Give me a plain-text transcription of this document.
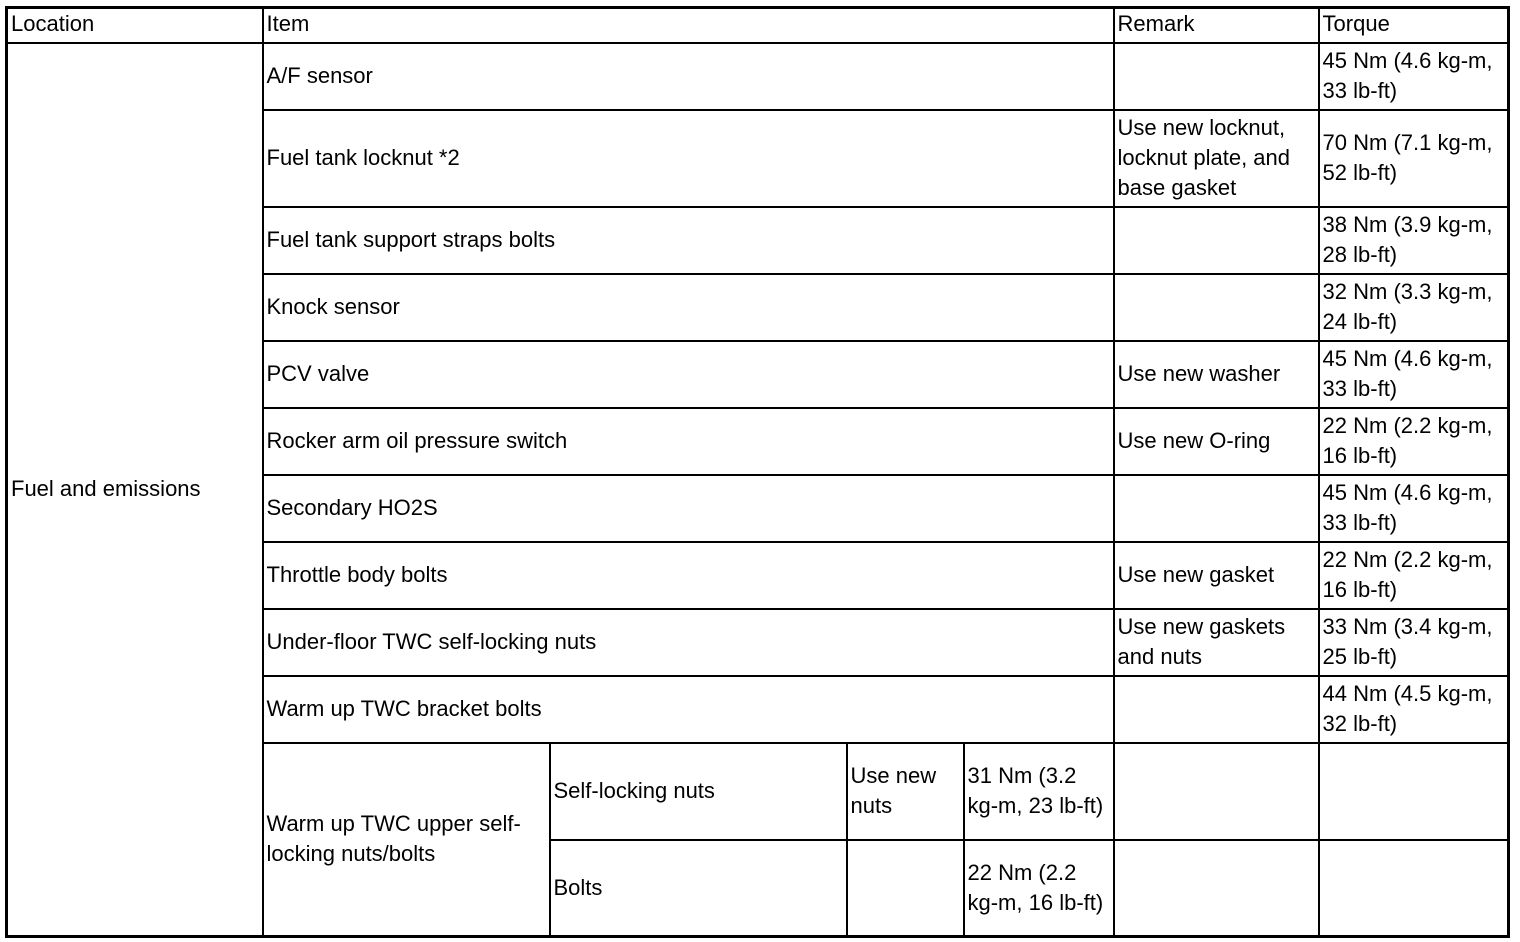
Location	Item				Remark	Torque
Fuel and emissions	A/F sensor					45 Nm (4.6 kg-m, 33 lb-ft)
	Fuel tank locknut *2				Use new locknut, locknut plate, and base gasket	70 Nm (7.1 kg-m, 52 lb-ft)
	Fuel tank support straps bolts					38 Nm (3.9 kg-m, 28 lb-ft)
	Knock sensor					32 Nm (3.3 kg-m, 24 lb-ft)
	PCV valve				Use new washer	45 Nm (4.6 kg-m, 33 lb-ft)
	Rocker arm oil pressure switch				Use new O-ring	22 Nm (2.2 kg-m, 16 lb-ft)
	Secondary HO2S					45 Nm (4.6 kg-m, 33 lb-ft)
	Throttle body bolts				Use new gasket	22 Nm (2.2 kg-m, 16 lb-ft)
	Under-floor TWC self-locking nuts				Use new gaskets and nuts	33 Nm (3.4 kg-m, 25 lb-ft)
	Warm up TWC bracket bolts					44 Nm (4.5 kg-m, 32 lb-ft)
	Warm up TWC upper self-locking nuts/bolts	Self-locking nuts	Use new nuts	31 Nm (3.2 kg-m, 23 lb-ft)		
		Bolts		22 Nm (2.2 kg-m, 16 lb-ft)		
